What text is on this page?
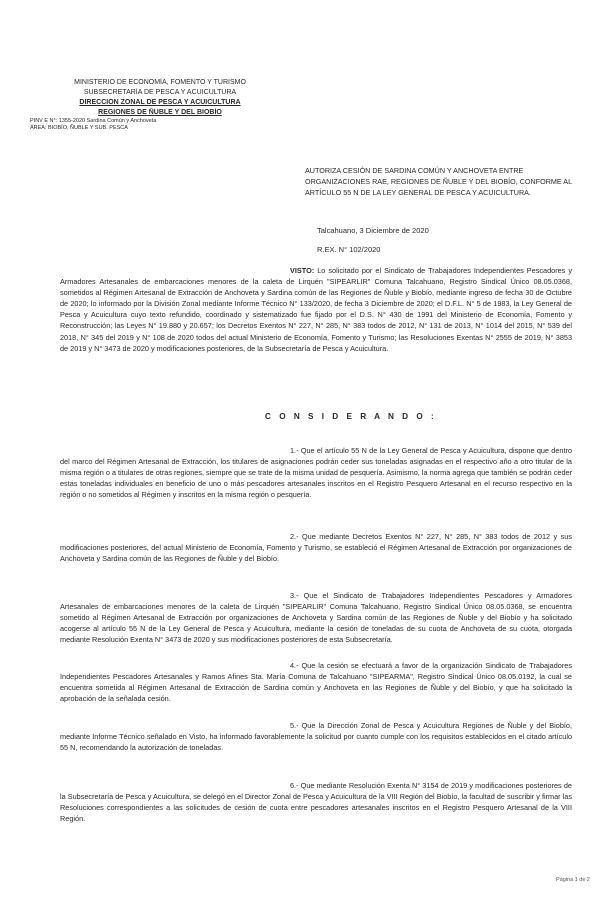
MINISTERIO DE ECONOMÍA, FOMENTO Y TURISMO
SUBSECRETARÍA DE PESCA Y ACUICULTURA
DIRECCIÓN ZONAL DE PESCA Y ACUICULTURA
REGIONES DE ÑUBLE Y DEL BIOBÍO
PINV E N°: 1355-2020 Sardina Común y Anchoveta
ÁREA: BIOBÍO, ÑUBLE Y SUB. PESCA
AUTORIZA CESIÓN DE SARDINA COMÚN Y ANCHOVETA ENTRE ORGANIZACIONES RAE, REGIONES DE ÑUBLE Y DEL BIOBÍO, CONFORME AL ARTÍCULO 55 N DE LA LEY GENERAL DE PESCA Y ACUICULTURA.
Talcahuano, 3 Diciembre de 2020
R.EX. N° 102/2020

VISTO: Lo solicitado por el Sindicato de Trabajadores Independientes Pescadores y Armadores Artesanales de embarcaciones menores de la caleta de Lirquén "SIPEARLIR" Comuna Talcahuano, Registro Sindical Único 08.05.0368, sometidos al Régimen Artesanal de Extracción de Anchoveta y Sardina común de las Regiones de Ñuble y Biobío, mediante ingreso de fecha 30 de Octubre de 2020; lo informado por la División Zonal mediante Informe Técnico N° 133/2020, de fecha 3 Diciembre de 2020; el D.F.L. N° 5 de 1983, la Ley General de Pesca y Acuicultura cuyo texto refundido, coordinado y sistematizado fue fijado por el D.S. N° 430 de 1991 del Ministerio de Economía, Fomento y Reconstrucción; las Leyes N° 19.880 y 20.657; los Decretos Exentos N° 227, N° 285, N° 383 todos de 2012, N° 131 de 2013, N° 1014 del 2015, N° 539 del 2018, N° 345 del 2019 y N° 108 de 2020 todos del actual Ministerio de Economía, Fomento y Turismo; las Resoluciones Exentas N° 2555 de 2019, N° 3853 de 2019 y N° 3473 de 2020 y modificaciones posteriores, de la Subsecretaría de Pesca y Acuicultura.

C O N S I D E R A N D O :

1.- Que el artículo 55 N de la Ley General de Pesca y Acuicultura, dispone que dentro del marco del Régimen Artesanal de Extracción, los titulares de asignaciones podrán ceder sus toneladas asignadas en el respectivo año a otro titular de la misma región o a titulares de otras regiones, siempre que se trate de la misma unidad de pesquería. Asimismo, la norma agrega que también se podrán ceder estas toneladas individuales en beneficio de uno o más pescadores artesanales inscritos en el Registro Pesquero Artesanal en el recurso respectivo en la región o no sometidos al Régimen y inscritos en la misma región o pesquería.

2.- Que mediante Decretos Exentos N° 227, N° 285, N° 383 todos de 2012 y sus modificaciones posteriores, del actual Ministerio de Economía, Fomento y Turismo, se estableció el Régimen Artesanal de Extracción por organizaciones de Anchoveta y Sardina común de las Regiones de Ñuble y del Biobío.

3.- Que el Sindicato de Trabajadores Independientes Pescadores y Armadores Artesanales de embarcaciones menores de la caleta de Lirquén "SIPEARLIR" Comuna Talcahuano, Registro Sindical Único 08.05.0368, se encuentra sometido al Régimen Artesanal de Extracción por organizaciones de Anchoveta y Sardina común de las Regiones de Ñuble y del Biobío y ha solicitado acogerse al artículo 55 N de la Ley General de Pesca y Acuicultura, mediante la cesión de toneladas de su cuota de Anchoveta de su cuota, otorgada mediante Resolución Exenta N° 3473 de 2020 y sus modificaciones posteriores de esta Subsecretaría.

4.- Que la cesión se efectuará a favor de la organización Sindicato de Trabajadores Independientes Pescadores Artesanales y Ramos Afines Sta. María Comuna de Talcahuano "SIPEARMA", Registro Sindical Único 08.05.0192, la cual se encuentra sometida al Régimen Artesanal de Extracción de Sardina común y Anchoveta en las Regiones de Ñuble y del Biobío, y que ha solicitado la aprobación de la señalada cesión.

5.- Que la Dirección Zonal de Pesca y Acuicultura Regiones de Ñuble y del Biobío, mediante Informe Técnico señalado en Visto, ha informado favorablemente la solicitud por cuanto cumple con los requisitos establecidos en el citado artículo 55 N, recomendando la autorización de toneladas.

6.- Que mediante Resolución Exenta N° 3154 de 2019 y modificaciones posteriores de la Subsecretaría de Pesca y Acuicultura, se delegó en el Director Zonal de Pesca y Acuicultura de la VIII Región del Biobío, la facultad de suscribir y firmar las Resoluciones correspondientes a las solicitudes de cesión de cuota entre pescadores artesanales inscritos en el Registro Pesquero Artesanal de la VIII Región.

Página 1 de 2
